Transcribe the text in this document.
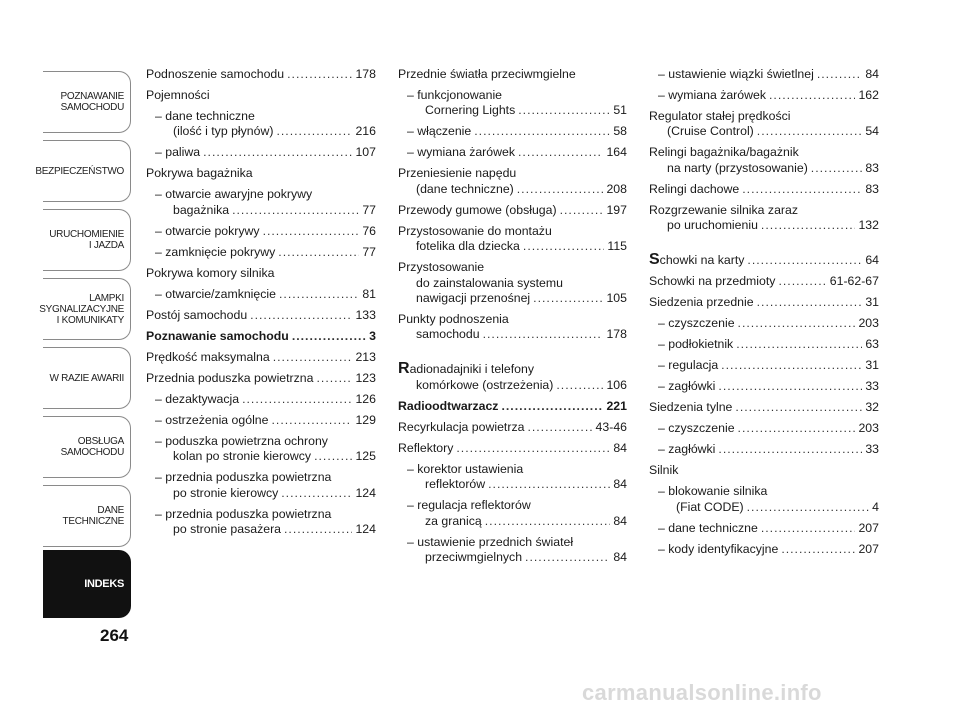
POZNAWANIE
SAMOCHODU
BEZPIECZEŃSTWO
URUCHOMIENIE
I JAZDA
LAMPKI
SYGNALIZACYJNE
I KOMUNIKATY
W RAZIE AWARII
OBSŁUGA
SAMOCHODU
DANE
TECHNICZNE
INDEKS
264
Podnoszenie samochodu .....	178
Pojemności
– dane techniczne
(ilość i typ płynów) .....	216
– paliwa .....	107
Pokrywa bagażnika
– otwarcie awaryjne pokrywy
bagażnika .....	77
– otwarcie pokrywy .....	76
– zamknięcie pokrywy .....	77
Pokrywa komory silnika
– otwarcie/zamknięcie .....	81
Postój samochodu .....	133
Poznawanie samochodu .....	3
Prędkość maksymalna .....	213
Przednia poduszka powietrzna .....	123
– dezaktywacja .....	126
– ostrzeżenia ogólne .....	129
– poduszka powietrzna ochrony
kolan po stronie kierowcy .....	125
– przednia poduszka powietrzna
po stronie kierowcy .....	124
– przednia poduszka powietrzna
po stronie pasażera .....	124
Przednie światła przeciwmgielne
– funkcjonowanie
Cornering Lights .....	51
– włączenie .....	58
– wymiana żarówek .....	164
Przeniesienie napędu
(dane techniczne) .....	208
Przewody gumowe (obsługa) .....	197
Przystosowanie do montażu
fotelika dla dziecka .....	115
Przystosowanie
do zainstalowania systemu
nawigacji przenośnej .....	105
Punkty podnoszenia
samochodu .....	178
Radionadajniki i telefony
komórkowe (ostrzeżenia) .....	106
Radioodtwarzacz .....	221
Recyrkulacja powietrza .....	43-46
Reflektory .....	84
– korektor ustawienia
reflektorów .....	84
– regulacja reflektorów
za granicą .....	84
– ustawienie przednich świateł
przeciwmgielnych .....	84
– ustawienie wiązki świetlnej .....	84
– wymiana żarówek .....	162
Regulator stałej prędkości
(Cruise Control) .....	54
Relingi bagażnika/bagażnik
na narty (przystosowanie) .....	83
Relingi dachowe .....	83
Rozgrzewanie silnika zaraz
po uruchomieniu .....	132
Schowki na karty .....	64
Schowki na przedmioty .....	61-62-67
Siedzenia przednie .....	31
– czyszczenie .....	203
– podłokietnik .....	63
– regulacja .....	31
– zagłówki .....	33
Siedzenia tylne .....	32
– czyszczenie .....	203
– zagłówki .....	33
Silnik
– blokowanie silnika
(Fiat CODE) .....	4
– dane techniczne .....	207
– kody identyfikacyjne .....	207
carmanualsonline.info
